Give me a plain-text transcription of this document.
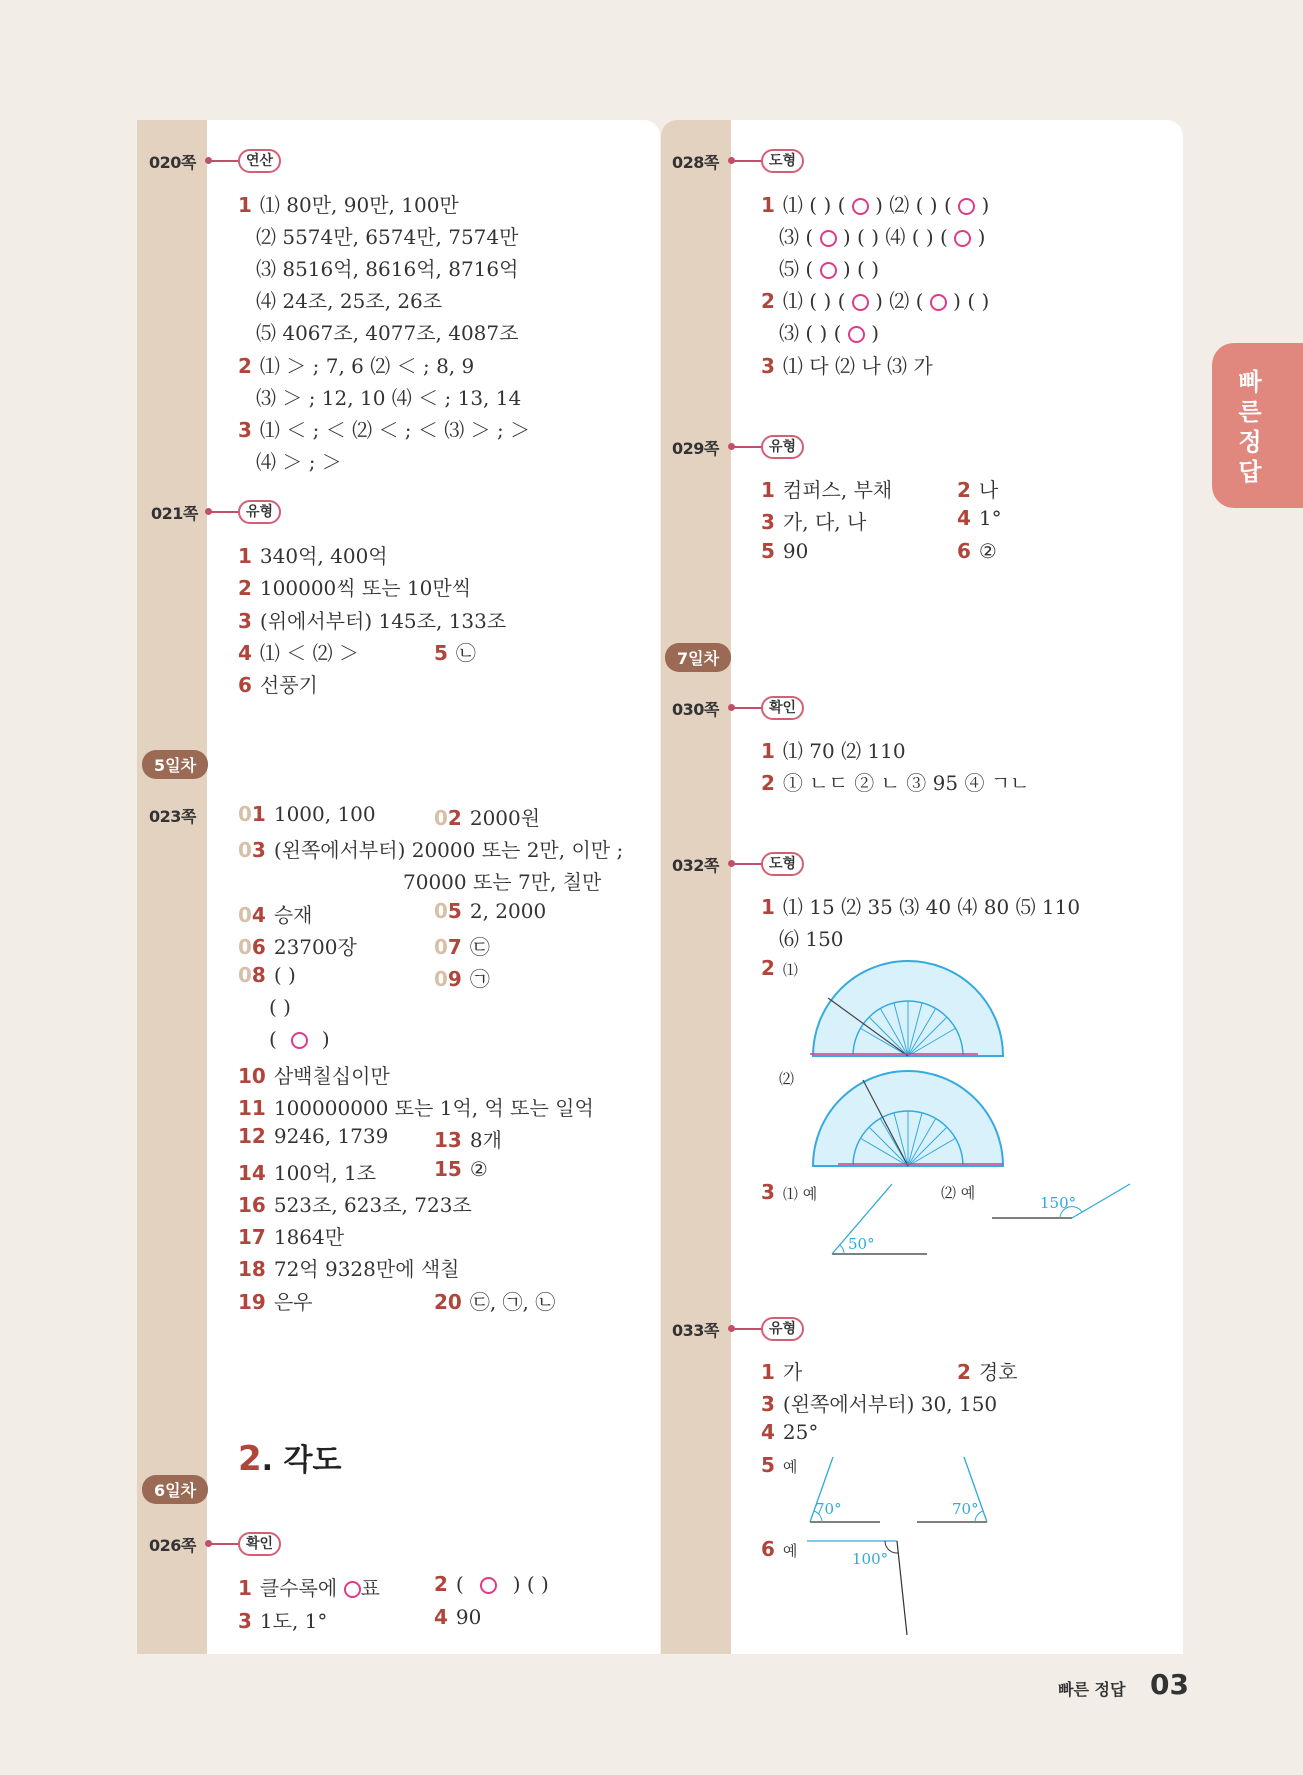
빠른정답
020쪽	연산
1 ⑴ 80만, 90만, 100만
⑵ 5574만, 6574만, 7574만
⑶ 8516억, 8616억, 8716억
⑷ 24조, 25조, 26조
⑸ 4067조, 4077조, 4087조
2 ⑴ ＞ ; 7, 6 ⑵ ＜ ; 8, 9
⑶ ＞ ; 12, 10 ⑷ ＜ ; 13, 14
3 ⑴ ＜ ; ＜ ⑵ ＜ ; ＜ ⑶ ＞ ; ＞
⑷ ＞ ; ＞
021쪽	유형
1 340억, 400억
2 100000씩 또는 10만씩
3 (위에서부터) 145조, 133조
4 ⑴ ＜ ⑵ ＞	5 ㉡
6 선풍기
5일차
023쪽 01 1000, 100	02 2000원
03 (왼쪽에서부터) 20000 또는 2만, 이만 ;
70000 또는 7만, 칠만
04 승재	05 2, 2000
06 23700장	07 ㉢
08 ( )	09 ㉠
( )
( )
10 삼백칠십이만
11 100000000 또는 1억, 억 또는 일억
12 9246, 1739 13 8개
14 100억, 1조	15 ②
16 523조, 623조, 723조
17 1864만
18 72억 9328만에 색칠
19 은우	20 ㉢, ㉠, ㉡
2. 각도
6일차
026쪽	확인
1 클수록에 표	2 ( ) ( )
3 1도, 1°	4 90
028쪽	도형
1 ⑴ ( ) ( ) ⑵ ( ) ( )
⑶ ( ) ( ) ⑷ ( ) ( )
⑸ ( ) ( )
2 ⑴ ( ) ( ) ⑵ ( ) ( )
⑶ ( ) ( )
3 ⑴ 다 ⑵ 나 ⑶ 가
029쪽	유형
1 컴퍼스, 부채	2 나
3 가, 다, 나	4 1°
5 90	6 ②
7일차
030쪽	확인
1 ⑴ 70 ⑵ 110
2 ① ㄴㄷ ② ㄴ ③ 95 ④ ㄱㄴ
032쪽	도형
1 ⑴ 15 ⑵ 35 ⑶ 40 ⑷ 80 ⑸ 110
⑹ 150
2 ⑴
⑵
3 ⑴ 예	⑵ 예
50°
150°
033쪽	유형
1 가	2 경호
3 (왼쪽에서부터) 30, 150
4 25°
5 예
70°	70°
6 예	100°
빠른 정답 03
